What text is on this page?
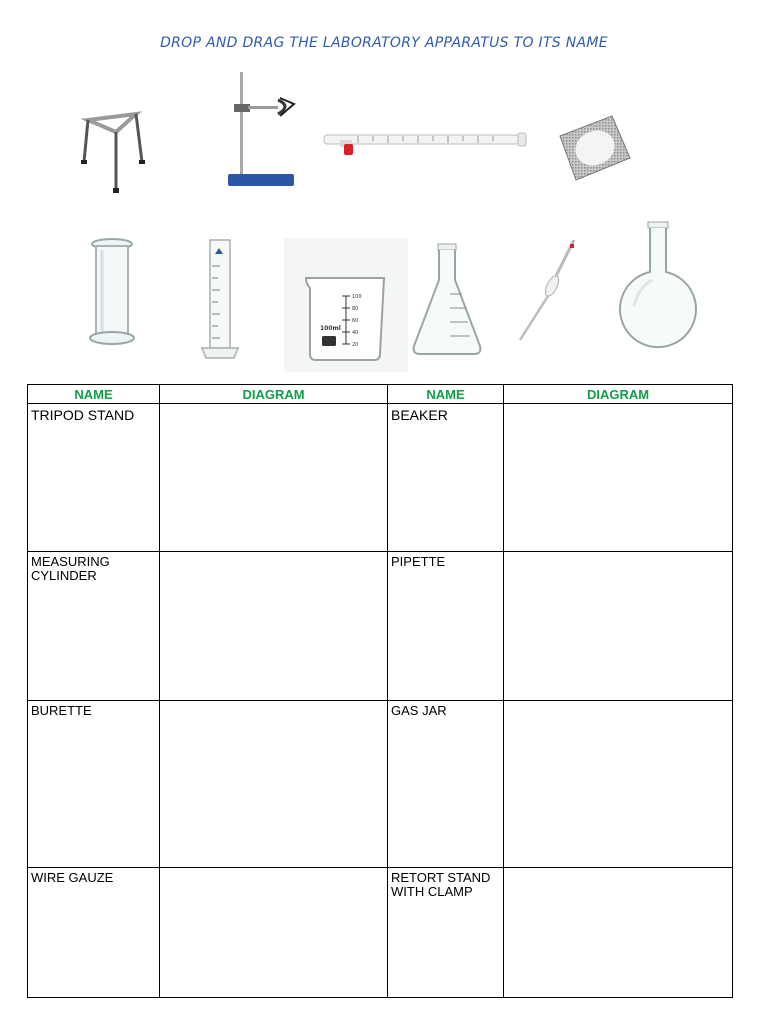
DROP AND DRAG THE LABORATORY APPARATUS TO ITS NAME
100
80
60
40
20
100ml
NAME	DIAGRAM	NAME	DIAGRAM

TRIPOD STAND		BEAKER	

MEASURING CYLINDER		PIPETTE	

BURETTE		GAS JAR	

WIRE GAUZE		RETORT STAND WITH CLAMP	
